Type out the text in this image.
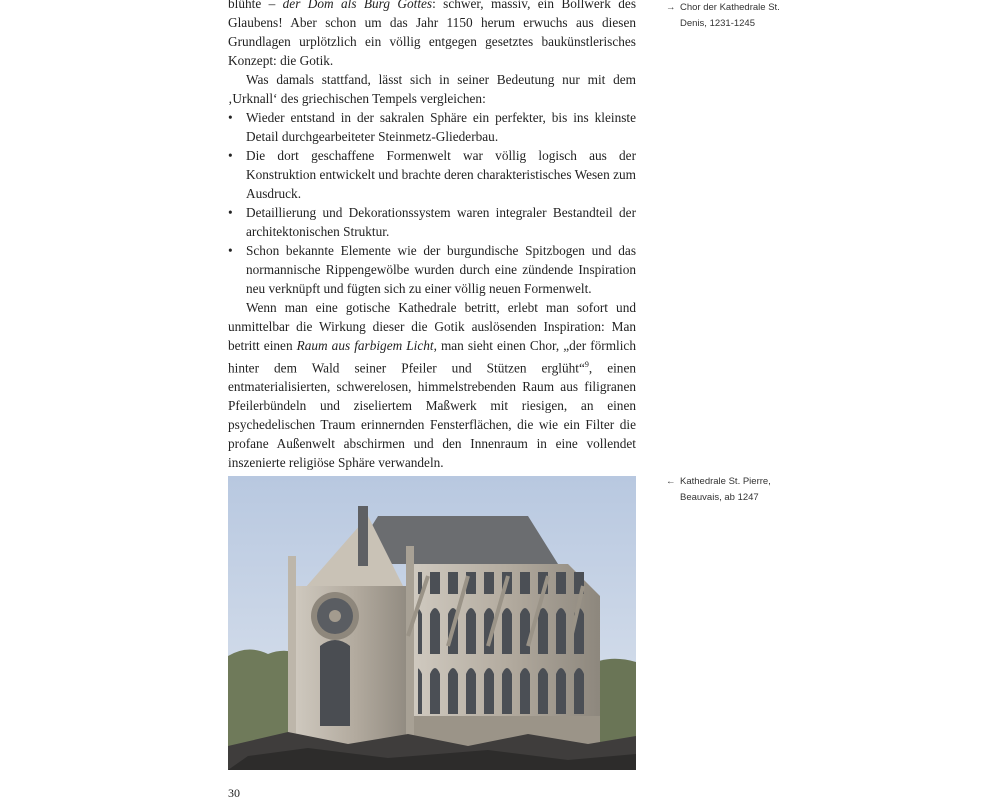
blühte – der Dom als Burg Gottes: schwer, massiv, ein Bollwerk des Glaubens! Aber schon um das Jahr 1150 herum erwuchs aus diesen Grundlagen urplötzlich ein völlig entgegen gesetztes baukünstlerisches Konzept: die Gotik.

Was damals stattfand, lässt sich in seiner Bedeutung nur mit dem ‚Urknall‘ des griechischen Tempels vergleichen:

• Wieder entstand in der sakralen Sphäre ein perfekter, bis ins kleinste Detail durchgearbeiteter Steinmetz-Gliederbau.

• Die dort geschaffene Formenwelt war völlig logisch aus der Konstruktion entwickelt und brachte deren charakteristisches Wesen zum Ausdruck.

• Detaillierung und Dekorationssystem waren integraler Bestandteil der architektonischen Struktur.

• Schon bekannte Elemente wie der burgundische Spitzbogen und das normannische Rippengewölbe wurden durch eine zündende Inspiration neu verknüpft und fügten sich zu einer völlig neuen Formenwelt.

Wenn man eine gotische Kathedrale betritt, erlebt man sofort und unmittelbar die Wirkung dieser die Gotik auslösenden Inspiration: Man betritt einen Raum aus farbigem Licht, man sieht einen Chor, „der förmlich hinter dem Wald seiner Pfeiler und Stützen erglüht“$^9$, einen entmaterialisierten, schwerelosen, himmelstrebenden Raum aus filigranen Pfeilerbündeln und ziseliertem Maßwerk mit riesigen, an einen psychedelischen Traum erinnernden Fensterflächen, die wie ein Filter die profane Außenwelt abschirmen und den Innenraum in eine vollendet inszenierte religiöse Sphäre verwandeln.

→ Chor der Kathedrale St. Denis, 1231-1245
← Kathedrale St. Pierre, Beauvais, ab 1247
30
